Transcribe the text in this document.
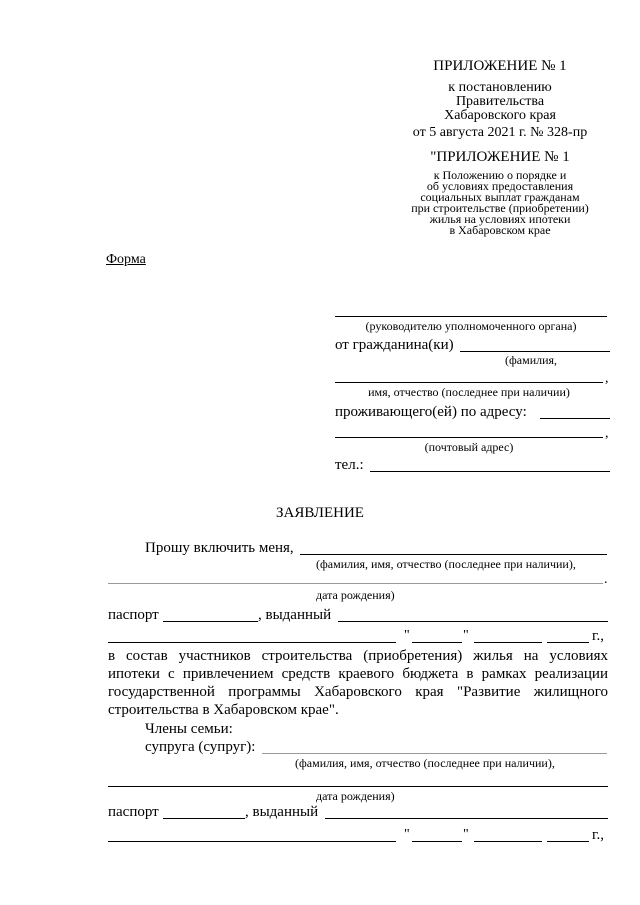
ПРИЛОЖЕНИЕ № 1
к постановлению
Правительства
Хабаровского края
от 5 августа 2021 г. № 328-пр
"ПРИЛОЖЕНИЕ № 1
к Положению о порядке и
об условиях предоставления
социальных выплат гражданам
при строительстве (приобретении)
жилья на условиях ипотеки
в Хабаровском крае
Форма
(руководителю уполномоченного органа)
от гражданина(ки)
(фамилия,
,
имя, отчество (последнее при наличии)
проживающего(ей) по адресу:
,
(почтовый адрес)
тел.:
ЗАЯВЛЕНИЕ
Прошу включить меня,
(фамилия, имя, отчество (последнее при наличии),
.
дата рождения)
паспорт	, выданный
"	"	г.,
в состав участников строительства (приобретения) жилья на условиях
ипотеки с привлечением средств краевого бюджета в рамках реализации
государственной программы Хабаровского края "Развитие жилищного
строительства в Хабаровском крае".
Члены семьи:
супруга (супруг):
(фамилия, имя, отчество (последнее при наличии),
дата рождения)
паспорт	, выданный
"	"	г.,
